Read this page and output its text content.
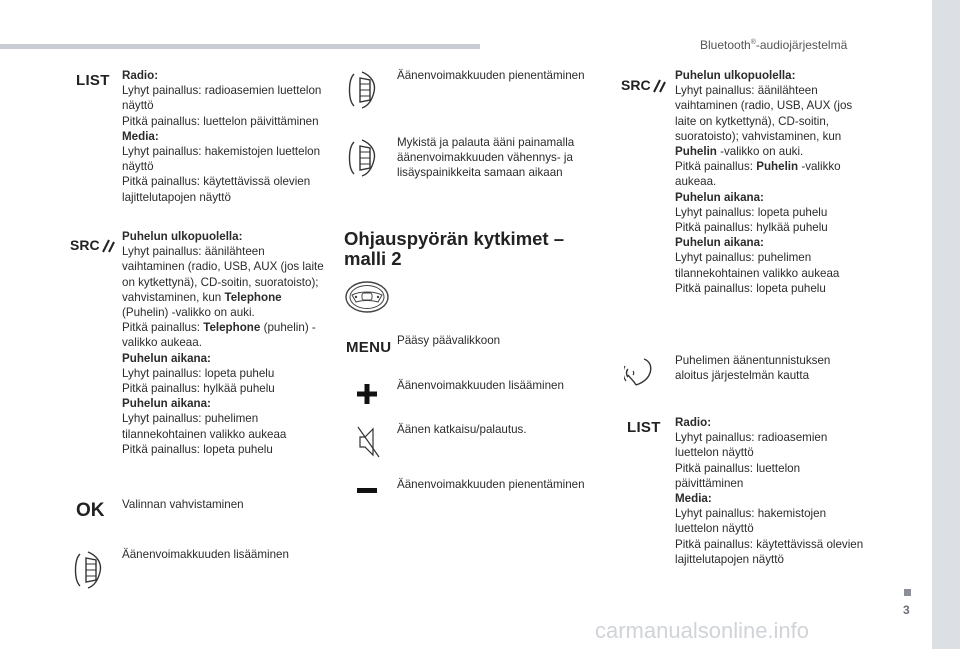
Bluetooth®-audiojärjestelmä
LIST Radio:

Lyhyt painallus: radioasemien luettelon näyttö

Pitkä painallus: luettelon päivittäminen

Media:

Lyhyt painallus: hakemistojen luettelon näyttö

Pitkä painallus: käytettävissä olevien lajittelutapojen näyttö

SRC

Puhelun ulkopuolella:

Lyhyt painallus: äänilähteen vaihtaminen (radio, USB, AUX (jos laite on kytkettynä), CD-soitin, suoratoisto); vahvistaminen, kun Telephone (Puhelin) -valikko on auki.

Pitkä painallus: Telephone (puhelin) -valikko aukeaa.

Puhelun aikana:

Lyhyt painallus: lopeta puhelu

Pitkä painallus: hylkää puhelu

Puhelun aikana:

Lyhyt painallus: puhelimen tilannekohtainen valikko aukeaa

Pitkä painallus: lopeta puhelu

OK Valinnan vahvistaminen
Äänenvoimakkuuden lisääminen
Äänenvoimakkuuden pienentäminen
Mykistä ja palauta ääni painamalla äänenvoimakkuuden vähennys- ja lisäyspainikkeita samaan aikaan
Ohjauspyörän kytkimet – malli 2
MENU Pääsy päävalikkoon
Äänenvoimakkuuden lisääminen
Äänen katkaisu/palautus.
Äänenvoimakkuuden pienentäminen
SRC

Puhelun ulkopuolella:

Lyhyt painallus: äänilähteen vaihtaminen (radio, USB, AUX (jos laite on kytkettynä), CD-soitin, suoratoisto); vahvistaminen, kun Puhelin -valikko on auki.

Pitkä painallus: Puhelin -valikko aukeaa.

Puhelun aikana:

Lyhyt painallus: lopeta puhelu

Pitkä painallus: hylkää puhelu

Puhelun aikana:

Lyhyt painallus: puhelimen tilannekohtainen valikko aukeaa

Pitkä painallus: lopeta puhelu

Puhelimen äänentunnistuksen aloitus järjestelmän kautta
LIST Radio:

Lyhyt painallus: radioasemien luettelon näyttö

Pitkä painallus: luettelon päivittäminen

Media:

Lyhyt painallus: hakemistojen luettelon näyttö

Pitkä painallus: käytettävissä olevien lajittelutapojen näyttö

3
carmanualsonline.info
